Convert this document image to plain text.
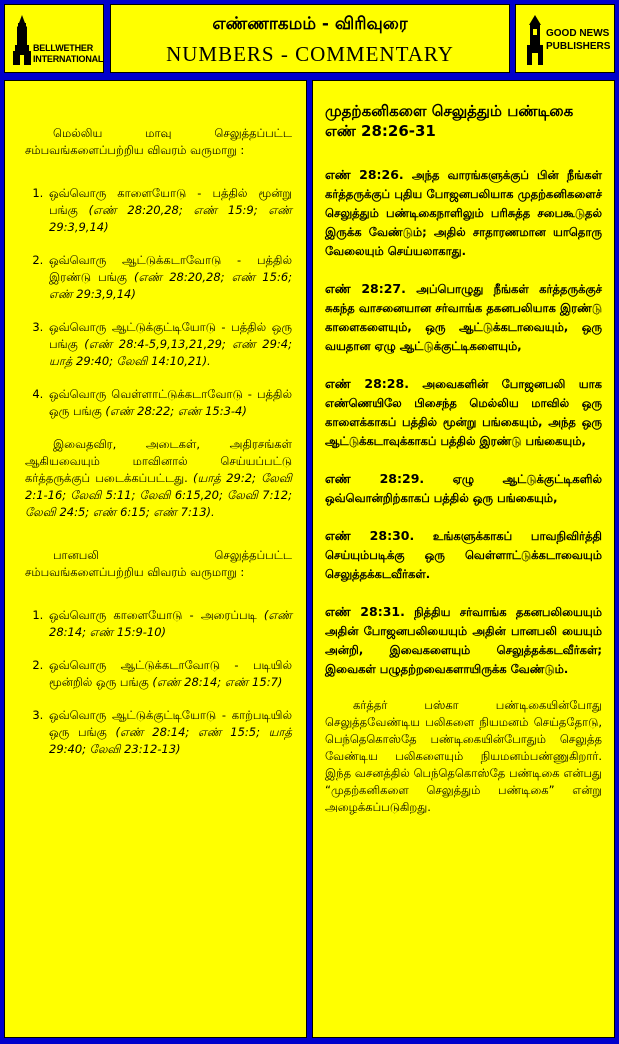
BELLWETHER
INTERNATIONAL
எண்ணாகமம் - விரிவுரை
NUMBERS - COMMENTARY
GOOD NEWS
PUBLISHERS

மெல்லிய மாவு செலுத்தப்பட்ட சம்பவங்களைப்பற்றிய விவரம் வருமாறு :

1. ஒவ்வொரு காளையோடு - பத்தில் மூன்று பங்கு (எண் 28:20,28; எண் 15:9; எண் 29:3,9,14)
2. ஒவ்வொரு ஆட்டுக்கடாவோடு - பத்தில் இரண்டு பங்கு (எண் 28:20,28; எண் 15:6; எண் 29:3,9,14)
3. ஒவ்வொரு ஆட்டுக்குட்டியோடு - பத்தில் ஒரு பங்கு (எண் 28:4-5,9,13,21,29; எண் 29:4; யாத் 29:40; லேவி 14:10,21).
4. ஒவ்வொரு வெள்ளாட்டுக்கடாவோடு - பத்தில் ஒரு பங்கு (எண் 28:22; எண் 15:3-4)

இவைதவிர, அடைகள், அதிரசங்கள் ஆகியவையும் மாவினால் செய்யப்பட்டு கர்த்தருக்குப் படைக்கப்பட்டது. (யாத் 29:2; லேவி 2:1-16; லேவி 5:11; லேவி 6:15,20; லேவி 7:12; லேவி 24:5; எண் 6:15; எண் 7:13).

பானபலி செலுத்தப்பட்ட சம்பவங்களைப்பற்றிய விவரம் வருமாறு :

1. ஒவ்வொரு காளையோடு - அரைப்படி (எண் 28:14; எண் 15:9-10)
2. ஒவ்வொரு ஆட்டுக்கடாவோடு - படியில் மூன்றில் ஒரு பங்கு (எண் 28:14; எண் 15:7)
3. ஒவ்வொரு ஆட்டுக்குட்டியோடு - காற்படியில் ஒரு பங்கு (எண் 28:14; எண் 15:5; யாத் 29:40; லேவி 23:12-13)

முதற்கனிகளை செலுத்தும் பண்டிகை

எண் 28:26-31

எண் 28:26. அந்த வாரங்களுக்குப் பின் நீங்கள் கர்த்தருக்குப் புதிய போஜனபலியாக முதற்கனிகளைச் செலுத்தும் பண்டிகைநாளிலும் பரிசுத்த சபைகூடுதல் இருக்க வேண்டும்; அதில் சாதாரணமான யாதொரு வேலையும் செய்யலாகாது.

எண் 28:27. அப்பொழுது நீங்கள் கர்த்தருக்குச் சுகந்த வாசனையான சர்வாங்க தகனபலியாக இரண்டு காளைகளையும், ஒரு ஆட்டுக்கடாவையும், ஒரு வயதான ஏழு ஆட்டுக்குட்டிகளையும்,

எண் 28:28. அவைகளின் போஜனபலி யாக எண்ணெயிலே பிசைந்த மெல்லிய மாவில் ஒரு காளைக்காகப் பத்தில் மூன்று பங்கையும், அந்த ஒரு ஆட்டுக்கடாவுக்காகப் பத்தில் இரண்டு பங்கையும்,

எண் 28:29. ஏழு ஆட்டுக்குட்டிகளில் ஒவ்வொன்றிற்காகப் பத்தில் ஒரு பங்கையும்,

எண் 28:30. உங்களுக்காகப் பாவநிவிர்த்தி செய்யும்படிக்கு ஒரு வெள்ளாட்டுக்கடாவையும் செலுத்தக்கடவீர்கள்.

எண் 28:31. நித்திய சர்வாங்க தகனபலியையும் அதின் போஜனபலியையும் அதின் பானபலி யையும் அன்றி, இவைகளையும் செலுத்தக்கடவீர்கள்; இவைகள் பழுதற்றவைகளாயிருக்க வேண்டும்.

கர்த்தர் பஸ்கா பண்டிகையின்போது செலுத்தவேண்டிய பலிகளை நியமனம் செய்ததோடு, பெந்தெகொஸ்தே பண்டிகையின்போதும் செலுத்த வேண்டிய பலிகளையும் நியமனம்பண்ணுகிறார். இந்த வசனத்தில் பெந்தெகொஸ்தே பண்டிகை என்பது “முதற்கனிகளை செலுத்தும் பண்டிகை” என்று அழைக்கப்படுகிறது.
